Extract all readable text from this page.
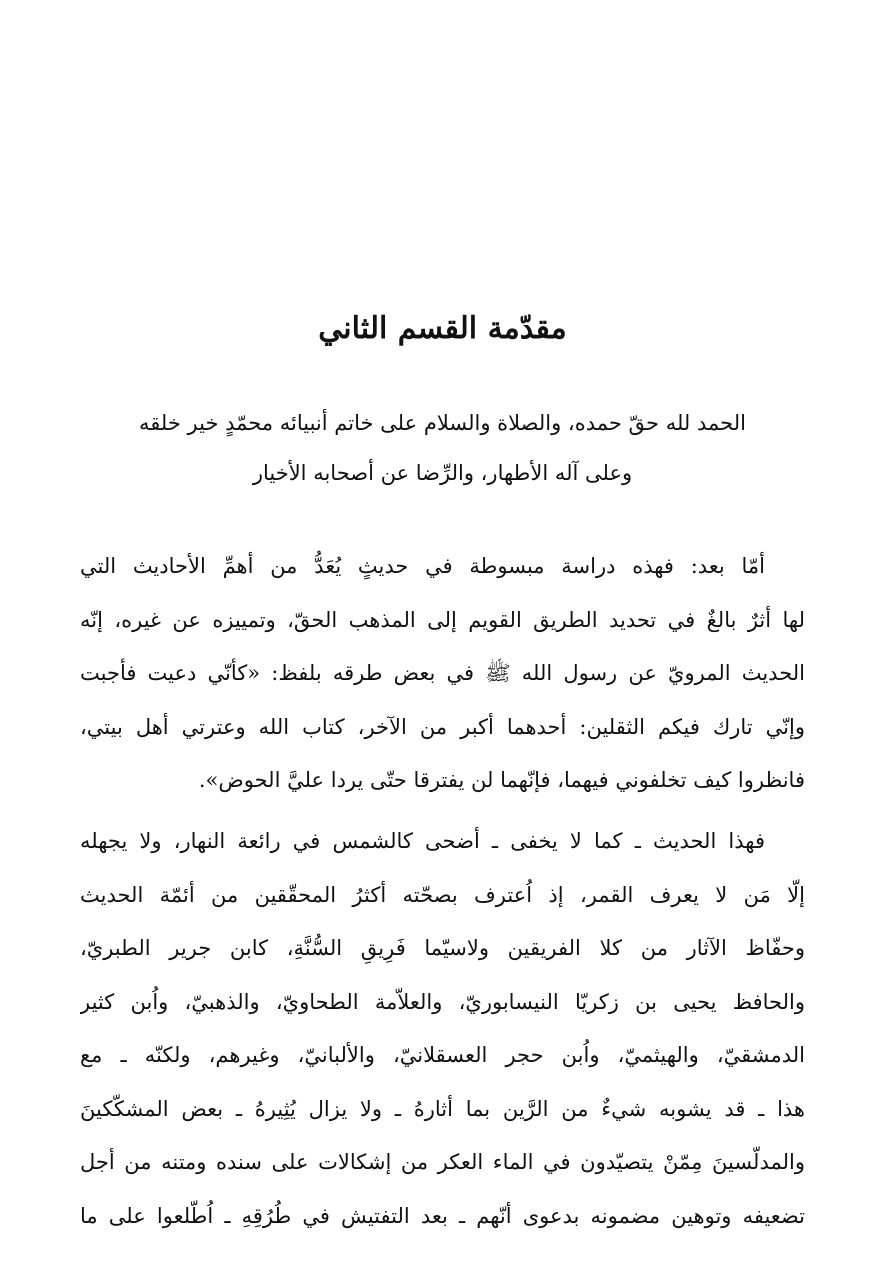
مقدّمة القسم الثاني
الحمد لله حقّ حمده، والصلاة والسلام على خاتم أنبيائه محمّدٍ خير خلقه
وعلى آله الأطهار، والرِّضا عن أصحابه الأخيار
أمّا بعد: فهذه دراسة مبسوطة في حديثٍ يُعَدُّ من أهمِّ الأحاديث التي
لها أثرٌ بالغٌ في تحديد الطريق القويم إلى المذهب الحقّ، وتمييزه عن غيره، إنّه
الحديث المرويّ عن رسول الله ﷺ في بعض طرقه بلفظ: «كأنّي دعيت فأجبت
وإنّي تارك فيكم الثقلين: أحدهما أكبر من الآخر، كتاب الله وعترتي أهل بيتي،
فانظروا كيف تخلفوني فيهما، فإنّهما لن يفترقا حتّى يردا عليَّ الحوض».
فهذا الحديث ـ كما لا يخفى ـ أضحى كالشمس في رائعة النهار، ولا يجهله
إلّا مَن لا يعرف القمر، إذ اُعترف بصحّته أكثرُ المحقّقين من أئمّة الحديث
وحفّاظ الآثار من كلا الفريقين ولاسيّما فَرِيقِ السُّنَّةِ، كابن جرير الطبريّ،
والحافظ يحيى بن زكريّا النيسابوريّ، والعلاّمة الطحاويّ، والذهبيّ، واُبن كثير
الدمشقيّ، والهيثميّ، واُبن حجر العسقلانيّ، والألبانيّ، وغيرهم، ولكنّه ـ مع
هذا ـ قد يشوبه شيءٌ من الرَّين بما أثارهُ ـ ولا يزال يُثِيرهُ ـ بعض المشكّكينَ
والمدلّسينَ مِمّنْ يتصيّدون في الماء العكر من إشكالات على سنده ومتنه من أجل
تضعيفه وتوهين مضمونه بدعوى أنّهم ـ بعد التفتيش في طُرُقِهِ ـ اُطّلعوا على ما
